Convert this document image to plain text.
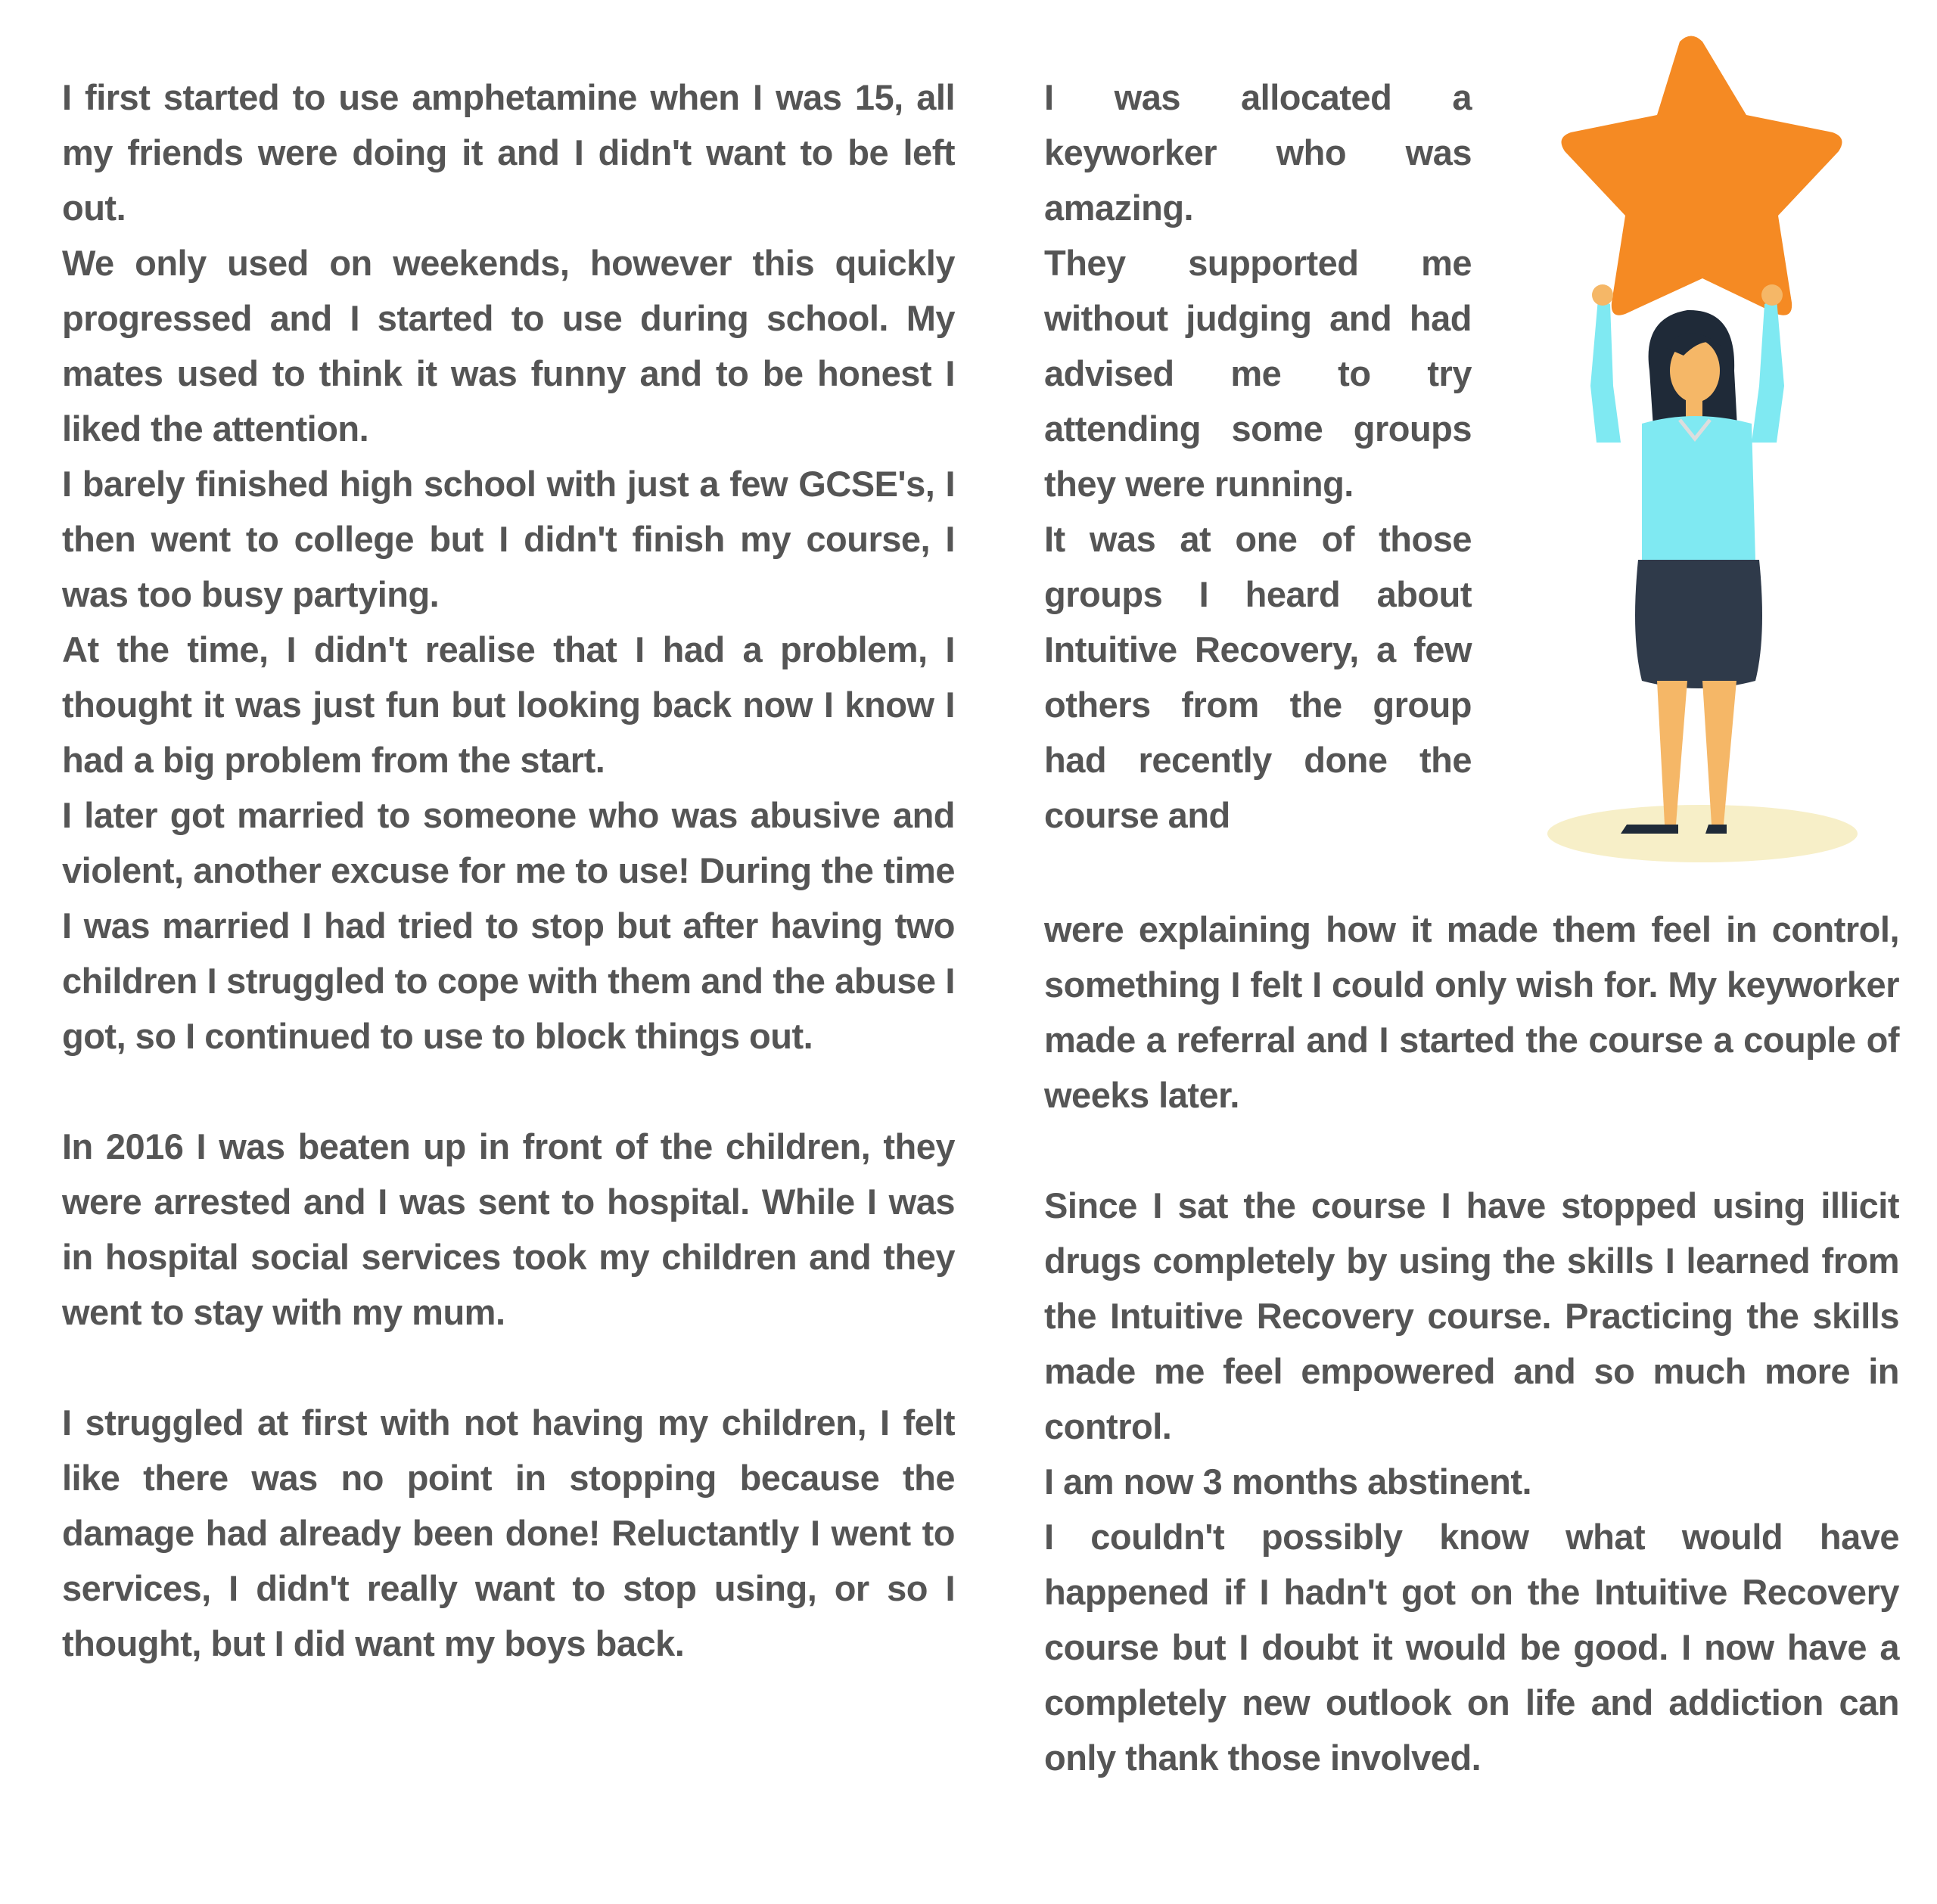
I first started to use amphetamine when I was 15, all my friends were doing it and I didn't want to be left out.

We only used on weekends, however this quickly progressed and I started to use during school. My mates used to think it was funny and to be honest I liked the attention.

I barely finished high school with just a few GCSE's, I then went to college but I didn't finish my course, I was too busy partying.

At the time, I didn't realise that I had a problem, I thought it was just fun but looking back now I know I had a big problem from the start.

I later got married to someone who was abusive and violent, another excuse for me to use! During the time I was married I had tried to stop but after having two children I struggled to cope with them and the abuse I got, so I continued to use to block things out.

In 2016 I was beaten up in front of the children, they were arrested and I was sent to hospital. While I was in hospital social services took my children and they went to stay with my mum.

I struggled at first with not having my children, I felt like there was no point in stopping because the damage had already been done! Reluctantly I went to services, I didn't really want to stop using, or so I thought, but I did want my boys back.

I was allocated a keyworker who was amazing.

They supported me without judging and had advised me to try attending some groups they were running.

It was at one of those groups I heard about Intuitive Recovery, a few others from the group had recently done the course and

were explaining how it made them feel in control, something I felt I could only wish for. My keyworker made a referral and I started the course a couple of weeks later.

Since I sat the course I have stopped using illicit drugs completely by using the skills I learned from the Intuitive Recovery course. Practicing the skills made me feel empowered and so much more in control.

I am now 3 months abstinent.

I couldn't possibly know what would have happened if I hadn't got on the Intuitive Recovery course but I doubt it would be good. I now have a completely new outlook on life and addiction can only thank those involved.
